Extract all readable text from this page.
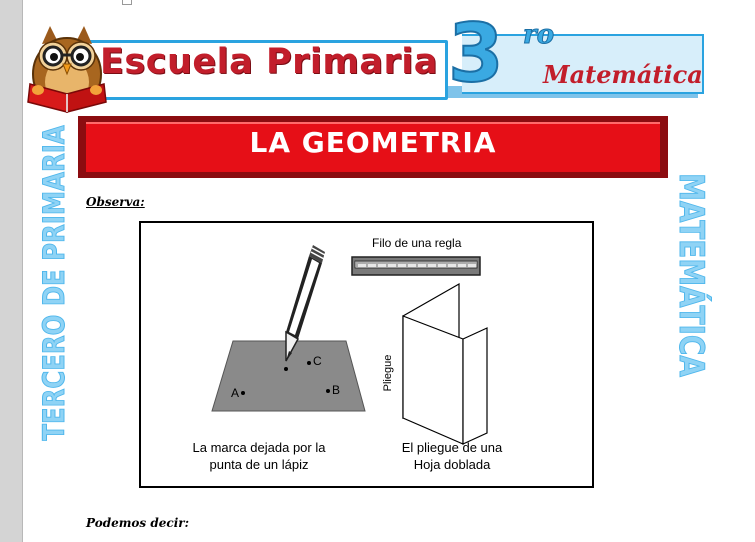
Escuela Primaria 3 ro
Matemática
LA GEOMETRIA
TERCERO DE PRIMARIA	MATEMÁTICA
Observa:
Filo de una regla
Pliegue
C
B
A
La marca dejada por la
punta de un lápiz
El pliegue de una
Hoja doblada
Podemos decir:
